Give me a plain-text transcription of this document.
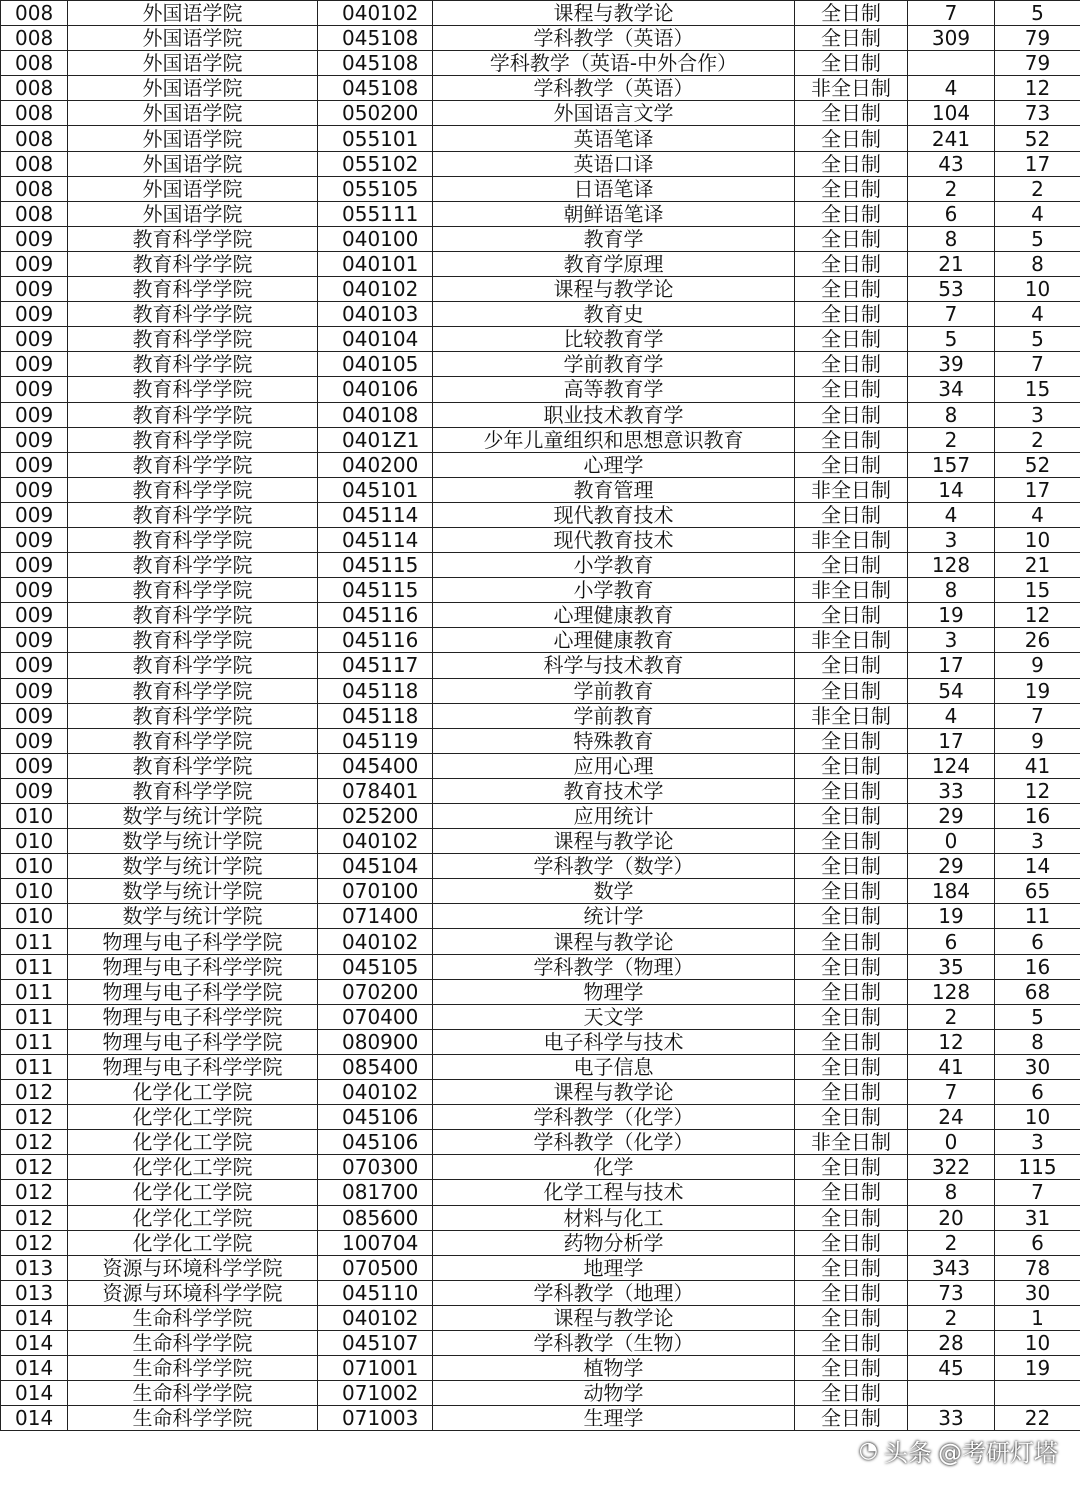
008	外国语学院	040102	课程与教学论	全日制	7	5
008	外国语学院	045108	学科教学（英语）	全日制	309	79
008	外国语学院	045108	学科教学（英语-中外合作）	全日制		79
008	外国语学院	045108	学科教学（英语）	非全日制	4	12
008	外国语学院	050200	外国语言文学	全日制	104	73
008	外国语学院	055101	英语笔译	全日制	241	52
008	外国语学院	055102	英语口译	全日制	43	17
008	外国语学院	055105	日语笔译	全日制	2	2
008	外国语学院	055111	朝鲜语笔译	全日制	6	4
009	教育科学学院	040100	教育学	全日制	8	5
009	教育科学学院	040101	教育学原理	全日制	21	8
009	教育科学学院	040102	课程与教学论	全日制	53	10
009	教育科学学院	040103	教育史	全日制	7	4
009	教育科学学院	040104	比较教育学	全日制	5	5
009	教育科学学院	040105	学前教育学	全日制	39	7
009	教育科学学院	040106	高等教育学	全日制	34	15
009	教育科学学院	040108	职业技术教育学	全日制	8	3
009	教育科学学院	0401Z1	少年儿童组织和思想意识教育	全日制	2	2
009	教育科学学院	040200	心理学	全日制	157	52
009	教育科学学院	045101	教育管理	非全日制	14	17
009	教育科学学院	045114	现代教育技术	全日制	4	4
009	教育科学学院	045114	现代教育技术	非全日制	3	10
009	教育科学学院	045115	小学教育	全日制	128	21
009	教育科学学院	045115	小学教育	非全日制	8	15
009	教育科学学院	045116	心理健康教育	全日制	19	12
009	教育科学学院	045116	心理健康教育	非全日制	3	26
009	教育科学学院	045117	科学与技术教育	全日制	17	9
009	教育科学学院	045118	学前教育	全日制	54	19
009	教育科学学院	045118	学前教育	非全日制	4	7
009	教育科学学院	045119	特殊教育	全日制	17	9
009	教育科学学院	045400	应用心理	全日制	124	41
009	教育科学学院	078401	教育技术学	全日制	33	12
010	数学与统计学院	025200	应用统计	全日制	29	16
010	数学与统计学院	040102	课程与教学论	全日制	0	3
010	数学与统计学院	045104	学科教学（数学）	全日制	29	14
010	数学与统计学院	070100	数学	全日制	184	65
010	数学与统计学院	071400	统计学	全日制	19	11
011	物理与电子科学学院	040102	课程与教学论	全日制	6	6
011	物理与电子科学学院	045105	学科教学（物理）	全日制	35	16
011	物理与电子科学学院	070200	物理学	全日制	128	68
011	物理与电子科学学院	070400	天文学	全日制	2	5
011	物理与电子科学学院	080900	电子科学与技术	全日制	12	8
011	物理与电子科学学院	085400	电子信息	全日制	41	30
012	化学化工学院	040102	课程与教学论	全日制	7	6
012	化学化工学院	045106	学科教学（化学）	全日制	24	10
012	化学化工学院	045106	学科教学（化学）	非全日制	0	3
012	化学化工学院	070300	化学	全日制	322	115
012	化学化工学院	081700	化学工程与技术	全日制	8	7
012	化学化工学院	085600	材料与化工	全日制	20	31
012	化学化工学院	100704	药物分析学	全日制	2	6
013	资源与环境科学学院	070500	地理学	全日制	343	78
013	资源与环境科学学院	045110	学科教学（地理）	全日制	73	30
014	生命科学学院	040102	课程与教学论	全日制	2	1
014	生命科学学院	045107	学科教学（生物）	全日制	28	10
014	生命科学学院	071001	植物学	全日制	45	19
014	生命科学学院	071002	动物学	全日制		
014	生命科学学院	071003	生理学	全日制	33	22
◔ 头条 @考研灯塔
